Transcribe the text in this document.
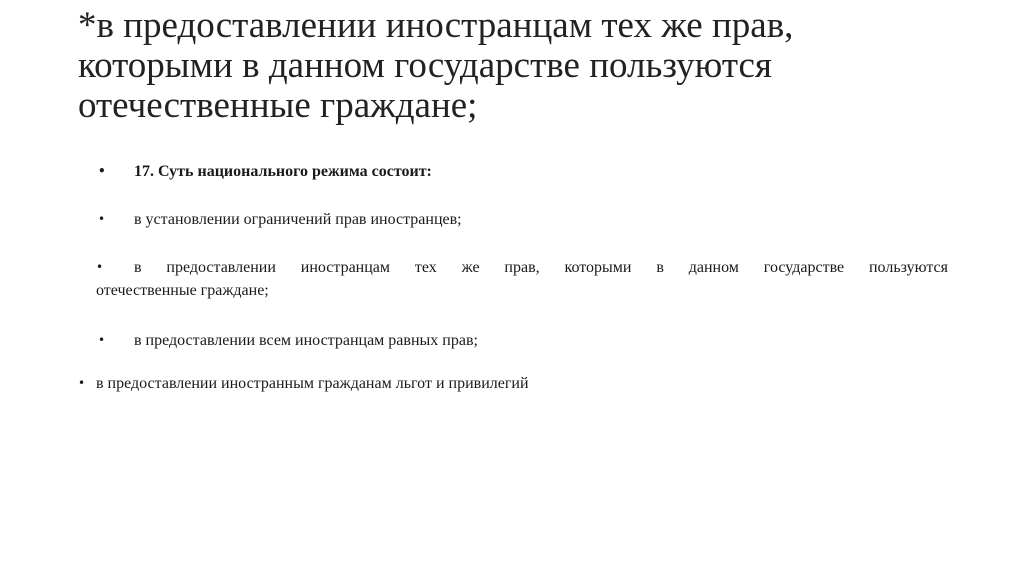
*в предоставлении иностранцам тех же прав,
которыми в данном государстве пользуются
отечественные граждане;
• 17. Суть национального режима состоит:
• в установлении ограничений прав иностранцев;
•	в предоставлении иностранцам тех же прав, которыми в данном государстве пользуются
отечественные граждане;
• в предоставлении всем иностранцам равных прав;
• в предоставлении иностранным гражданам льгот и привилегий
